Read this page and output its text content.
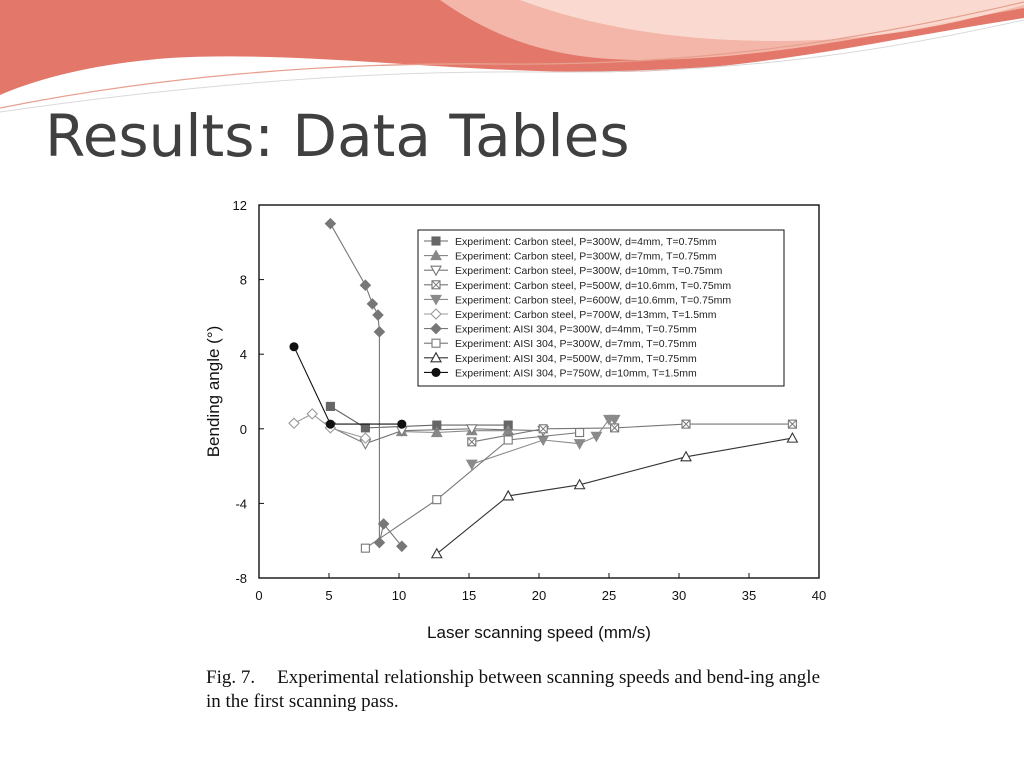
Results: Data Tables
0	5	10	15	20	25	30	35	40
-8
-4
0
4
8
12
Laser scanning speed (mm/s)
Bending angle (°)
Experiment: Carbon steel, P=300W, d=4mm, T=0.75mm
Experiment: Carbon steel, P=300W, d=7mm, T=0.75mm
Experiment: Carbon steel, P=300W, d=10mm, T=0.75mm
Experiment: Carbon steel, P=500W, d=10.6mm, T=0.75mm
Experiment: Carbon steel, P=600W, d=10.6mm, T=0.75mm
Experiment: Carbon steel, P=700W, d=13mm, T=1.5mm
Experiment: AISI 304, P=300W, d=4mm, T=0.75mm
Experiment: AISI 304, P=300W, d=7mm, T=0.75mm
Experiment: AISI 304, P=500W, d=7mm, T=0.75mm
Experiment: AISI 304, P=750W, d=10mm, T=1.5mm
Fig. 7. Experimental relationship between scanning speeds and bend-ing angle in the first scanning pass.
